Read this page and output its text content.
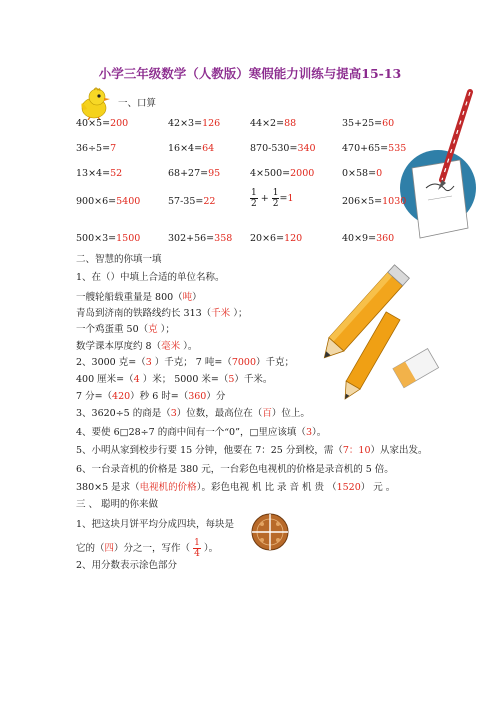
小学三年级数学（人教版）寒假能力训练与提高15-13
一、口算
40×5=200	42×3=126	44×2=88	35+25=60
36÷5=7	16×4=64	870-530=340	470+65=535
13×4=52	68+27=95	4×500=2000	0×58=0
900×6=5400	57-35=22	$\frac{1}{2} + \frac{1}{2} =1$	206×5=1030
500×3=1500	302+56=358 20×6=120	40×9=360
二、智慧的你填一填
1、在（）中填上合适的单位名称。
一艘轮船载重量是 800（吨）
青岛到济南的铁路线约长 313（千米 ）；
一个鸡蛋重 50（克 ）；
数学课本厚度约 8（毫米 ）。
2、3000 克=（3 ）千克； 7 吨=（7000）千克；
400 厘米=（4 ）米； 5000 米=（5）千米。
7 分=（420）秒 6 时=（360）分
3、3620÷5 的商是（3）位数，最高位在（百）位上。
4、要使 6□28÷7 的商中间有一个“0”，□里应该填（3）。
5、小明从家到校步行要 15 分钟，他要在 7：25 分到校，需（7：10）从家出发。
6、一台录音机的价格是 380 元，一台彩色电视机的价格是录音机的 5 倍。
380×5 是求（电视机的价格）。彩色电视 机 比 录 音 机 贵 （1520） 元 。
三 、 聪明的你来做
1、把这块月饼平均分成四块，每块是
它的（四）分之一，写作（ $\frac{1}{4}$ ）。
2、用分数表示涂色部分
